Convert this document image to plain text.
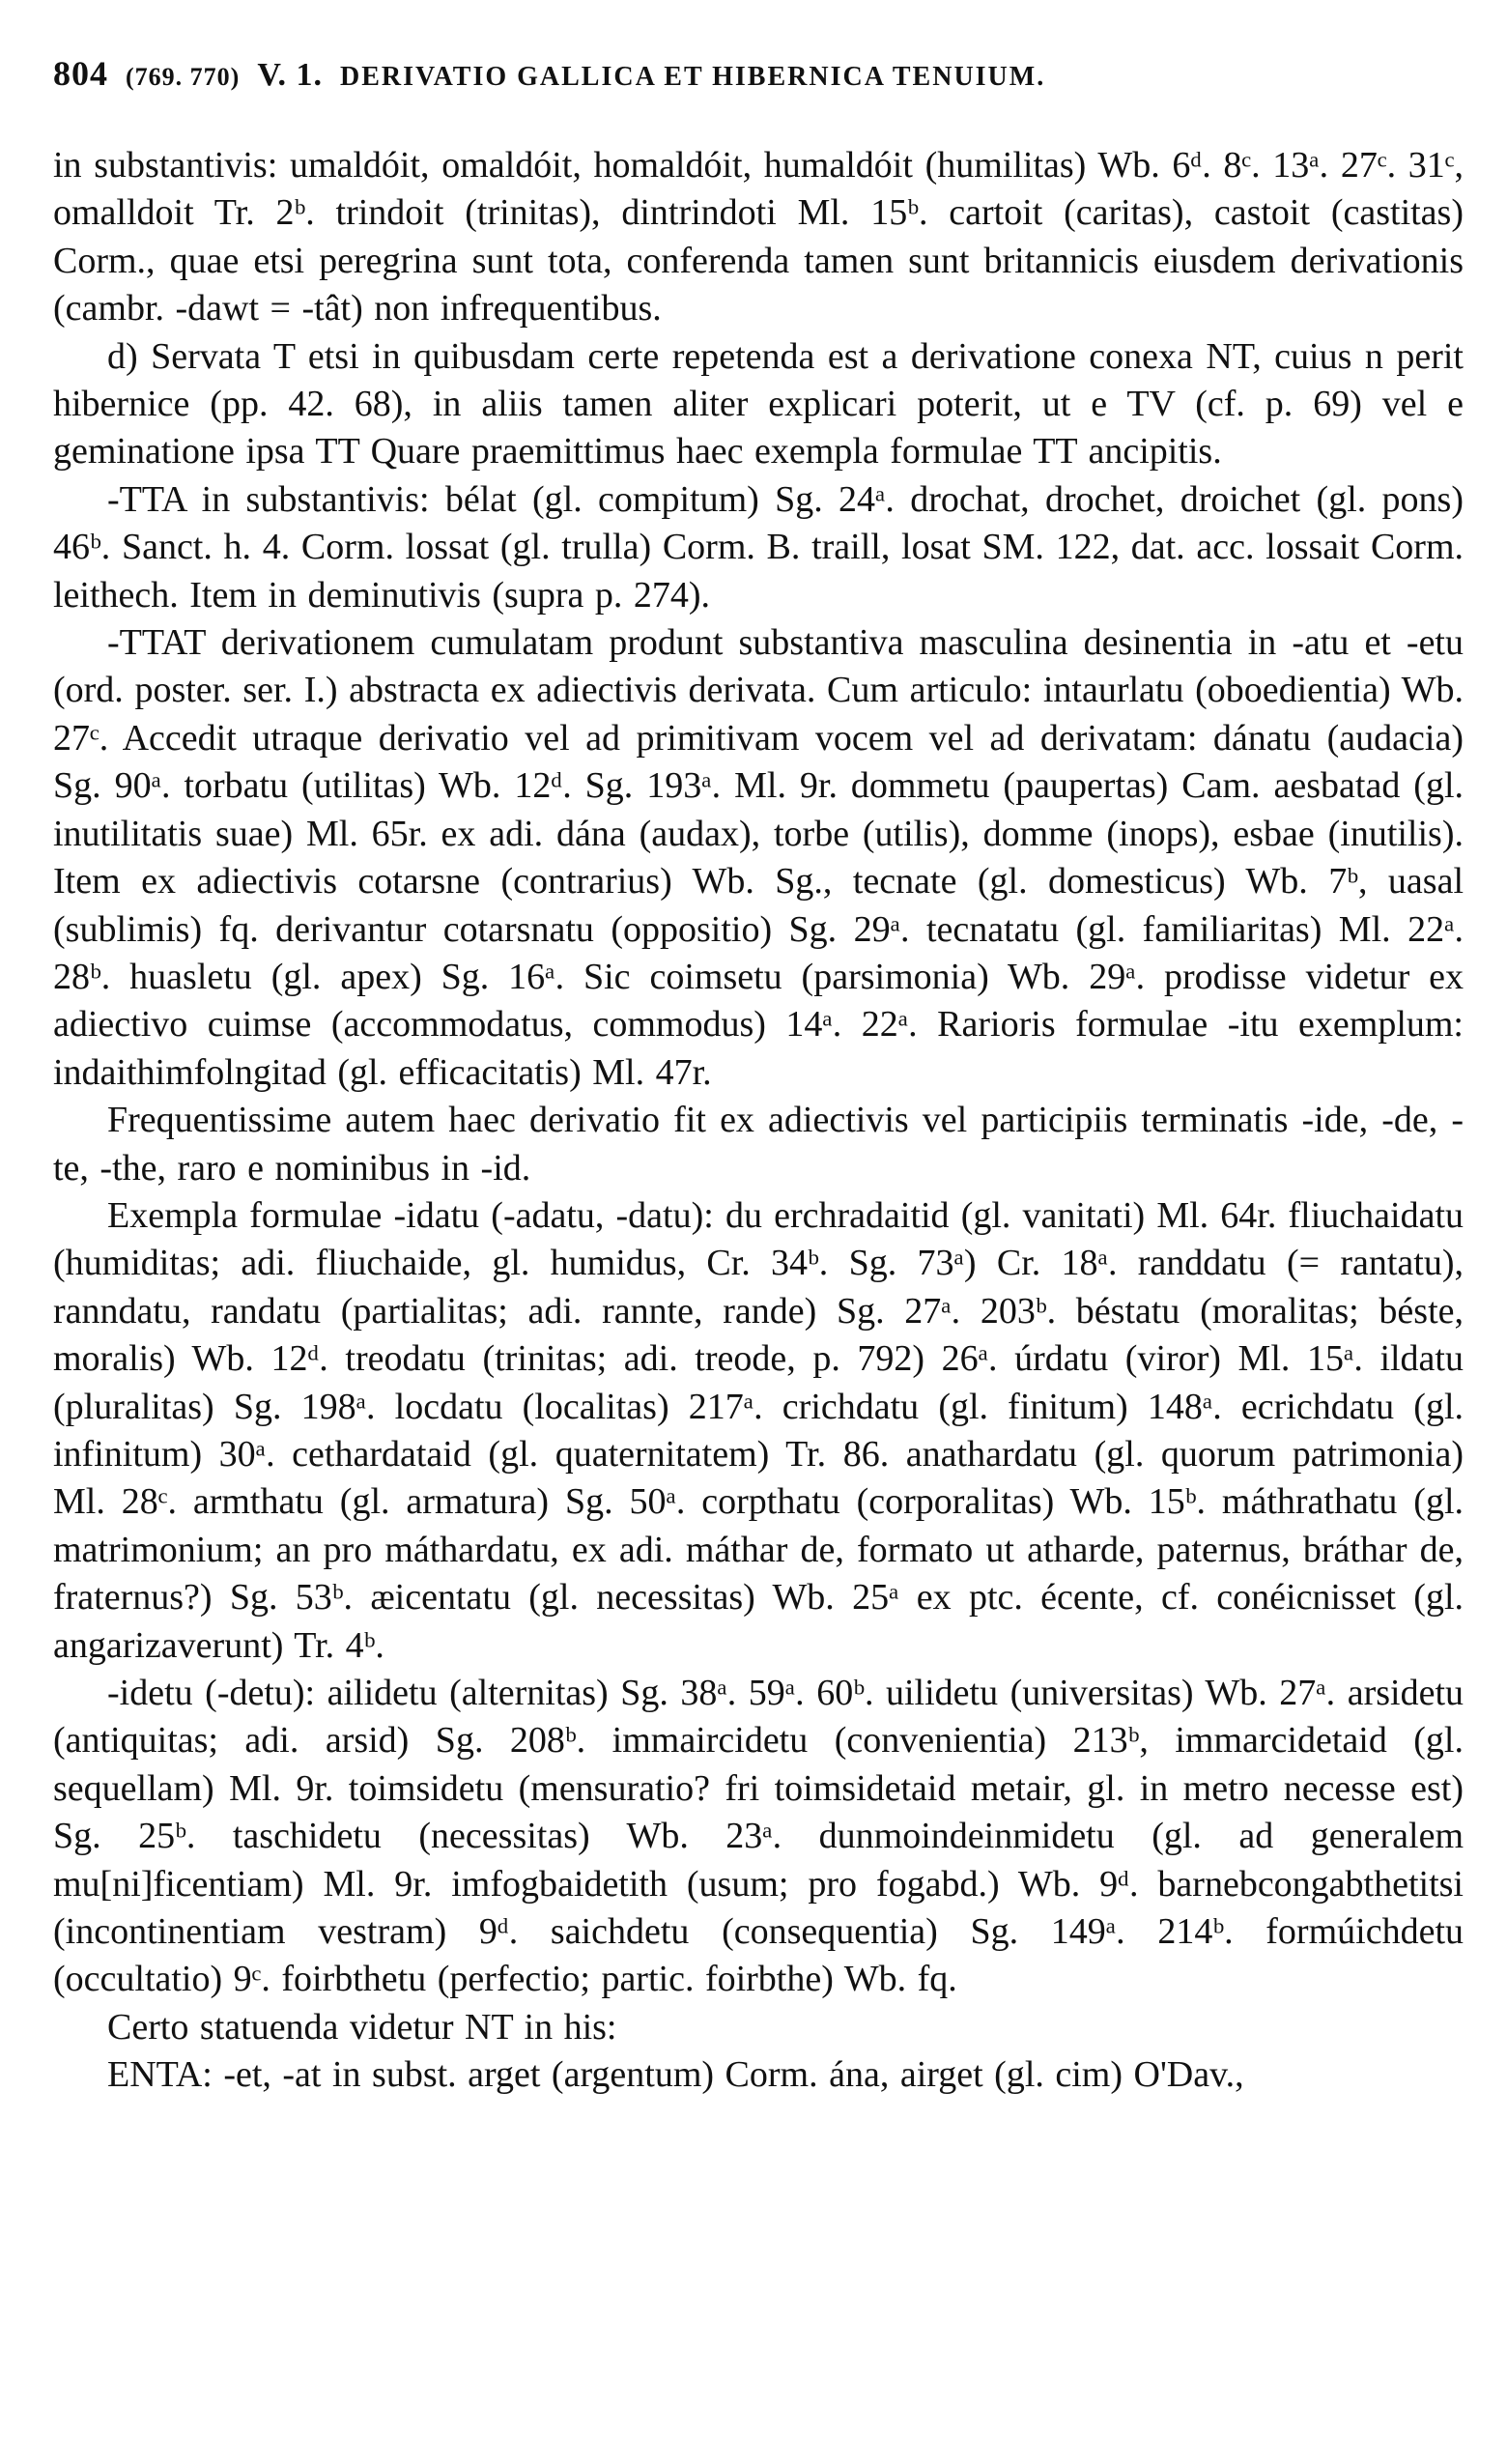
804 (769. 770) V. 1. DERIVATIO GALLICA ET HIBERNICA TENUIUM.

in substantivis: umaldóit, omaldóit, homaldóit, humaldóit (humilitas) Wb. 6ᵈ. 8ᶜ. 13ᵃ. 27ᶜ. 31ᶜ, omalldoit Tr. 2ᵇ. trindoit (trinitas), dintrindoti Ml. 15ᵇ. cartoit (caritas), castoit (castitas) Corm., quae etsi peregrina sunt tota, conferenda tamen sunt britannicis eiusdem derivationis (cambr. -dawt = -tât) non infrequentibus.

d) Servata T etsi in quibusdam certe repetenda est a derivatione conexa NT, cuius n perit hibernice (pp. 42. 68), in aliis tamen aliter explicari poterit, ut e TV (cf. p. 69) vel e geminatione ipsa TT Quare praemittimus haec exempla formulae TT ancipitis.

-TTA in substantivis: bélat (gl. compitum) Sg. 24ᵃ. drochat, drochet, droichet (gl. pons) 46ᵇ. Sanct. h. 4. Corm. lossat (gl. trulla) Corm. B. traill, losat SM. 122, dat. acc. lossait Corm. leithech. Item in deminutivis (supra p. 274).

-TTAT derivationem cumulatam produnt substantiva masculina desinentia in -atu et -etu (ord. poster. ser. I.) abstracta ex adiectivis derivata. Cum articulo: intaurlatu (oboedientia) Wb. 27ᶜ. Accedit utraque derivatio vel ad primitivam vocem vel ad derivatam: dánatu (audacia) Sg. 90ᵃ. torbatu (utilitas) Wb. 12ᵈ. Sg. 193ᵃ. Ml. 9r. dommetu (paupertas) Cam. aesbatad (gl. inutilitatis suae) Ml. 65r. ex adi. dána (audax), torbe (utilis), domme (inops), esbae (inutilis). Item ex adiectivis cotarsne (contrarius) Wb. Sg., tecnate (gl. domesticus) Wb. 7ᵇ, uasal (sublimis) fq. derivantur cotarsnatu (oppositio) Sg. 29ᵃ. tecnatatu (gl. familiaritas) Ml. 22ᵃ. 28ᵇ. huasletu (gl. apex) Sg. 16ᵃ. Sic coimsetu (parsimonia) Wb. 29ᵃ. prodisse videtur ex adiectivo cuimse (accommodatus, commodus) 14ᵃ. 22ᵃ. Rarioris formulae -itu exemplum: indaithimfolngitad (gl. efficacitatis) Ml. 47r.

Frequentissime autem haec derivatio fit ex adiectivis vel participiis terminatis -ide, -de, -te, -the, raro e nominibus in -id.

Exempla formulae -idatu (-adatu, -datu): du erchradaitid (gl. vanitati) Ml. 64r. fliuchaidatu (humiditas; adi. fliuchaide, gl. humidus, Cr. 34ᵇ. Sg. 73ᵃ) Cr. 18ᵃ. randdatu (= rantatu), ranndatu, randatu (partialitas; adi. rannte, rande) Sg. 27ᵃ. 203ᵇ. béstatu (moralitas; béste, moralis) Wb. 12ᵈ. treodatu (trinitas; adi. treode, p. 792) 26ᵃ. úrdatu (viror) Ml. 15ᵃ. ildatu (pluralitas) Sg. 198ᵃ. locdatu (localitas) 217ᵃ. crichdatu (gl. finitum) 148ᵃ. ecrichdatu (gl. infinitum) 30ᵃ. cethardataid (gl. quaternitatem) Tr. 86. anathardatu (gl. quorum patrimonia) Ml. 28ᶜ. armthatu (gl. armatura) Sg. 50ᵃ. corpthatu (corporalitas) Wb. 15ᵇ. máthrathatu (gl. matrimonium; an pro máthardatu, ex adi. máthar de, formato ut atharde, paternus, bráthar de, fraternus?) Sg. 53ᵇ. æicentatu (gl. necessitas) Wb. 25ᵃ ex ptc. écente, cf. conéicnisset (gl. angarizaverunt) Tr. 4ᵇ.

-idetu (-detu): ailidetu (alternitas) Sg. 38ᵃ. 59ᵃ. 60ᵇ. uilidetu (universitas) Wb. 27ᵃ. arsidetu (antiquitas; adi. arsid) Sg. 208ᵇ. immaircidetu (convenientia) 213ᵇ, immarcidetaid (gl. sequellam) Ml. 9r. toimsidetu (mensuratio? fri toimsidetaid metair, gl. in metro necesse est) Sg. 25ᵇ. taschidetu (necessitas) Wb. 23ᵃ. dunmoindeinmidetu (gl. ad generalem mu[ni]ficentiam) Ml. 9r. imfogbaidetith (usum; pro fogabd.) Wb. 9ᵈ. barnebcongabthetitsi (incontinentiam vestram) 9ᵈ. saichdetu (consequentia) Sg. 149ᵃ. 214ᵇ. formúichdetu (occultatio) 9ᶜ. foirbthetu (perfectio; partic. foirbthe) Wb. fq.

Certo statuenda videtur NT in his:

ENTA: -et, -at in subst. arget (argentum) Corm. ána, airget (gl. cim) O'Dav.,
